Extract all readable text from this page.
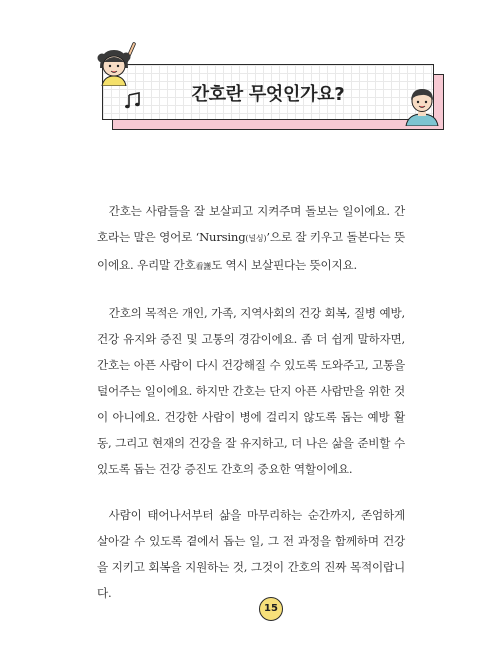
간호란 무엇인가요?

간호는 사람들을 잘 보살피고 지켜주며 돌보는 일이에요. 간호라는 말은 영어로 ‘Nursing(널싱)’으로 잘 키우고 돌본다는 뜻이에요. 우리말 간호看護도 역시 보살핀다는 뜻이지요.

간호의 목적은 개인, 가족, 지역사회의 건강 회복, 질병 예방, 건강 유지와 증진 및 고통의 경감이에요. 좀 더 쉽게 말하자면, 간호는 아픈 사람이 다시 건강해질 수 있도록 도와주고, 고통을 덜어주는 일이에요. 하지만 간호는 단지 아픈 사람만을 위한 것이 아니에요. 건강한 사람이 병에 걸리지 않도록 돕는 예방 활동, 그리고 현재의 건강을 잘 유지하고, 더 나은 삶을 준비할 수 있도록 돕는 건강 증진도 간호의 중요한 역할이에요.

사람이 태어나서부터 삶을 마무리하는 순간까지, 존엄하게 살아갈 수 있도록 곁에서 돕는 일, 그 전 과정을 함께하며 건강을 지키고 회복을 지원하는 것, 그것이 간호의 진짜 목적이랍니다.

15
